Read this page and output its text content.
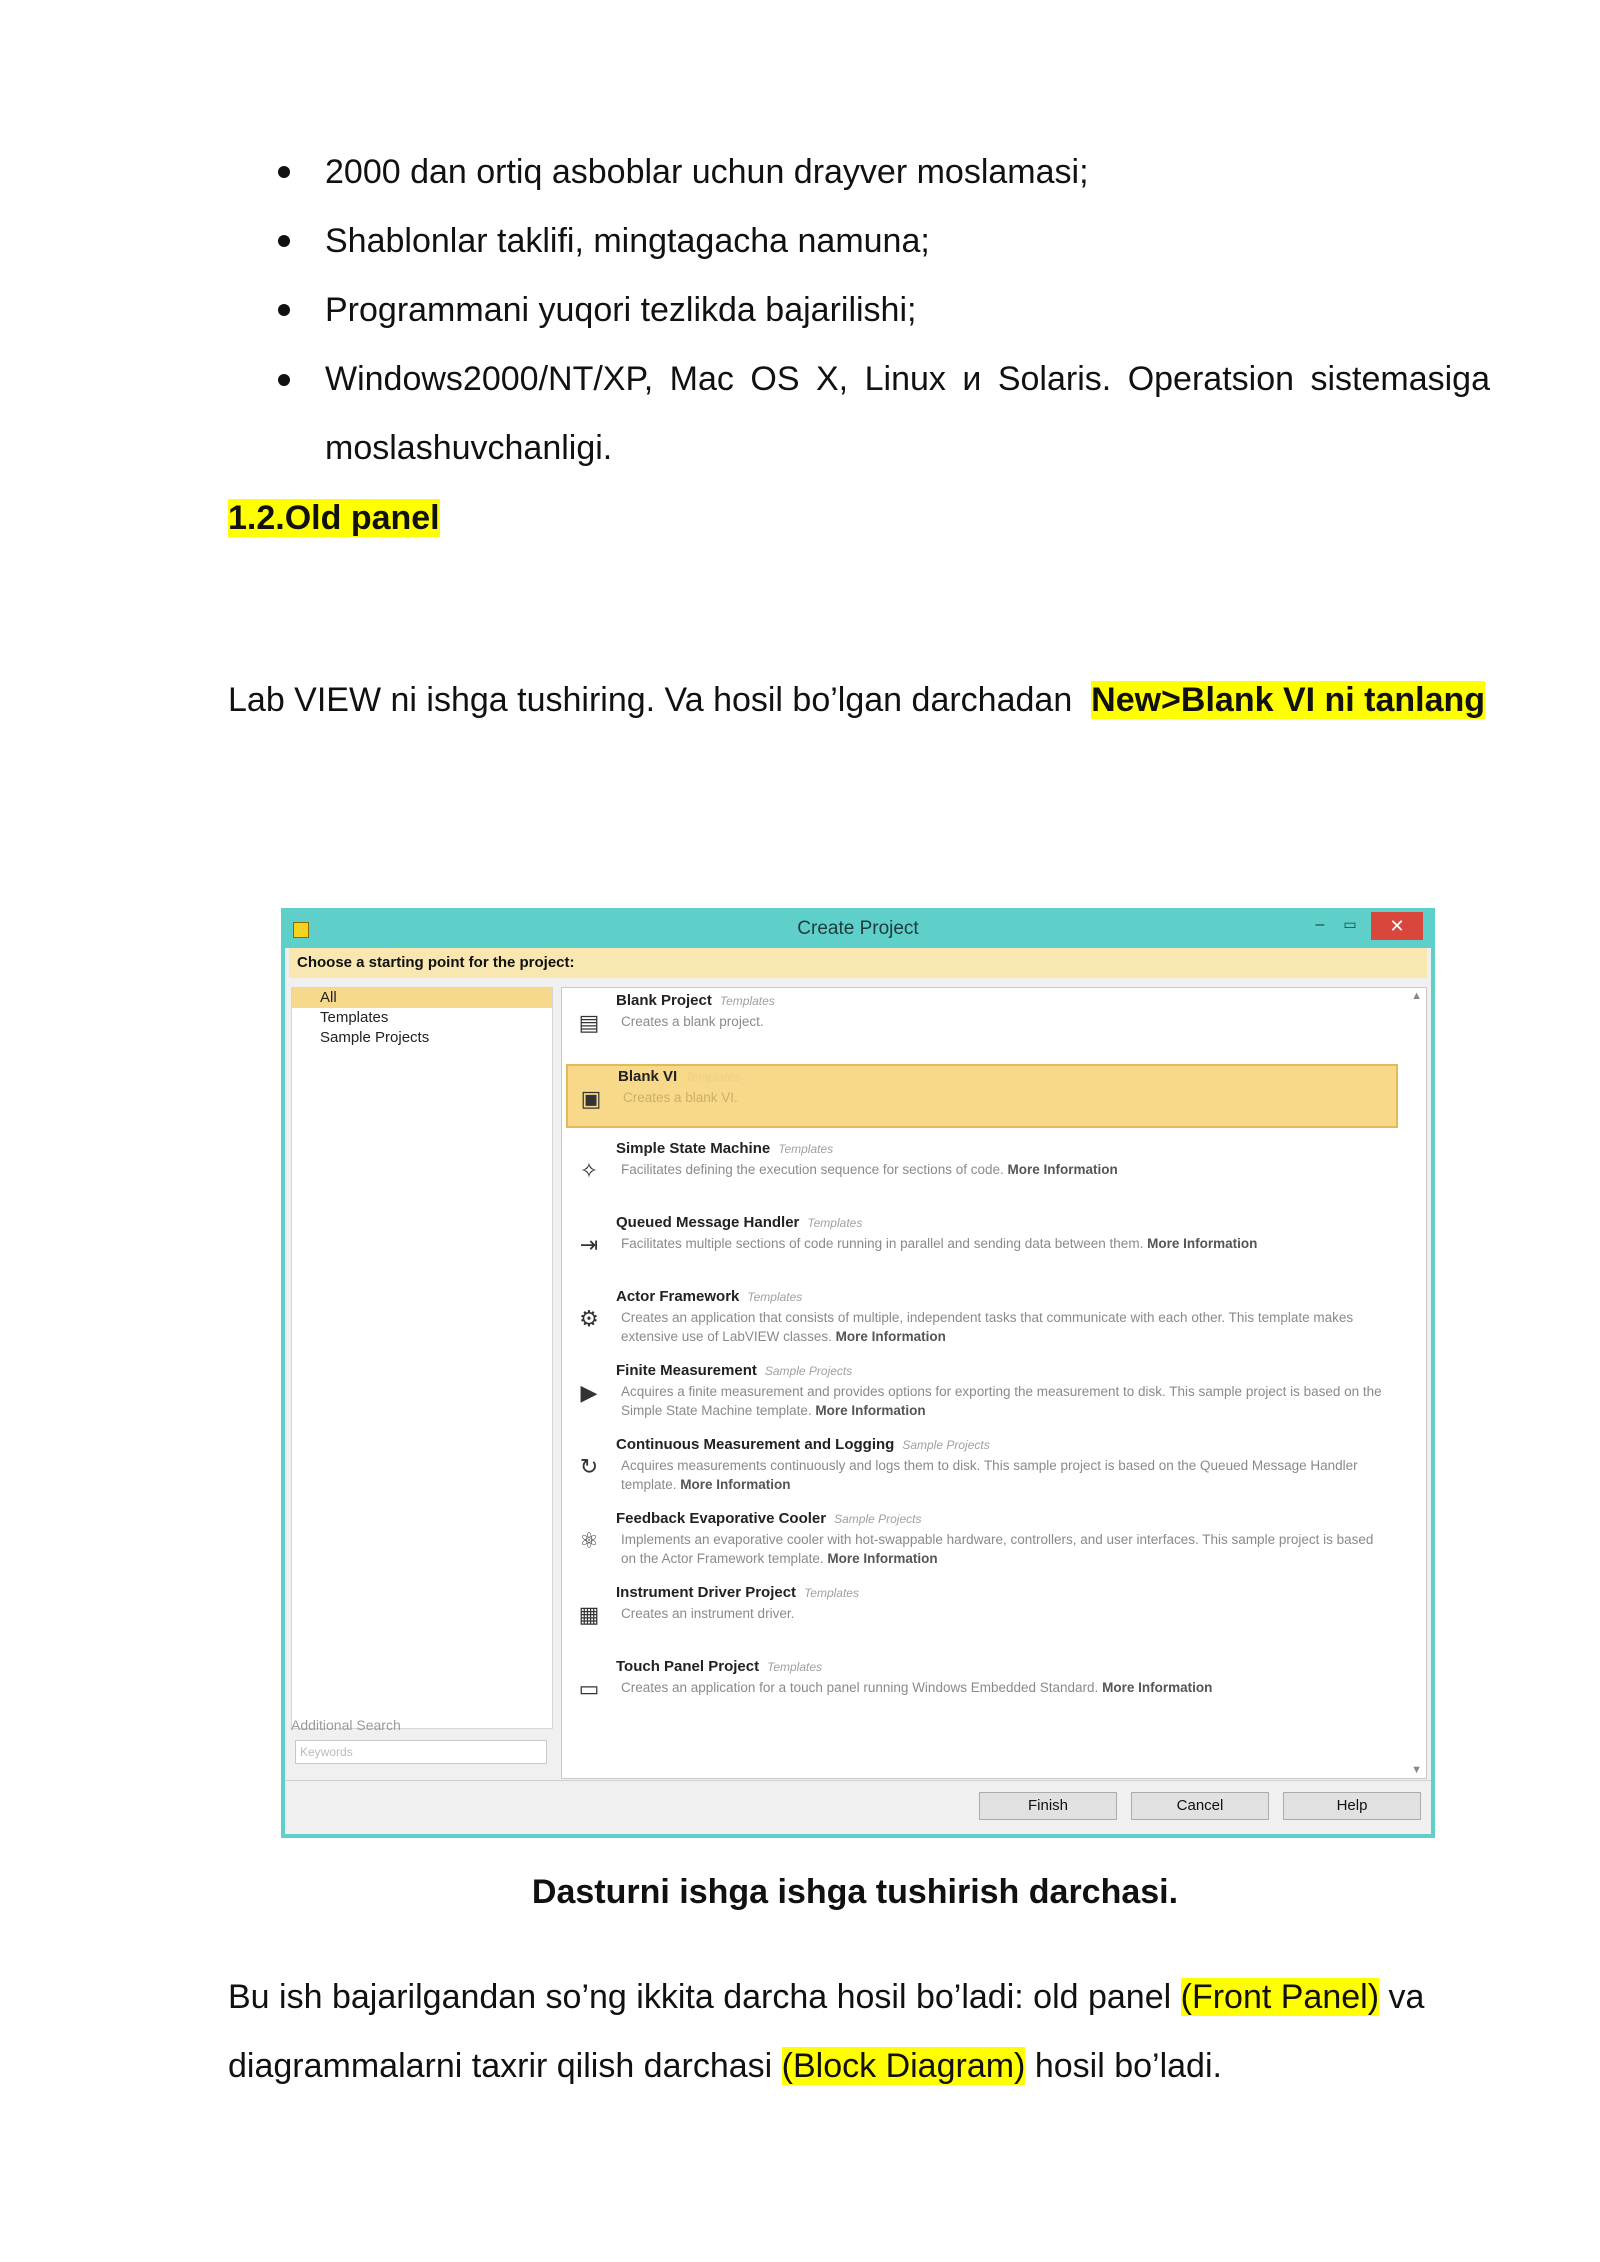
2000 dan ortiq asboblar uchun drayver moslamasi;
Shablonlar taklifi, mingtagacha namuna;
Programmani yuqori tezlikda bajarilishi;
Windows2000/NT/XP, Mac OS X, Linux и Solaris. Operatsion sistemasiga moslashuvchanligi.
1.2.Old panel
Lab VIEW ni ishga tushiring. Va hosil bo’lgan darchadan New>Blank VI ni tanlang
Create Project	–	▭	✕
Choose a starting point for the project:
All
Templates
Sample Projects
Additional Search
Keywords
▲
▼
▤
Blank Project Templates
Creates a blank project.
▣
Blank VI Templates
Creates a blank VI.
✧
Simple State Machine Templates
Facilitates defining the execution sequence for sections of code. More Information
⇥
Queued Message Handler Templates
Facilitates multiple sections of code running in parallel and sending data between them. More Information
⚙
Actor Framework Templates
Creates an application that consists of multiple, independent tasks that communicate with each other. This template makes extensive use of LabVIEW classes. More Information
▶
Finite Measurement Sample Projects
Acquires a finite measurement and provides options for exporting the measurement to disk. This sample project is based on the Simple State Machine template. More Information
↻
Continuous Measurement and Logging Sample Projects
Acquires measurements continuously and logs them to disk. This sample project is based on the Queued Message Handler template. More Information
⚛
Feedback Evaporative Cooler Sample Projects
Implements an evaporative cooler with hot-swappable hardware, controllers, and user interfaces. This sample project is based on the Actor Framework template. More Information
▦
Instrument Driver Project Templates
Creates an instrument driver.
▭
Touch Panel Project Templates
Creates an application for a touch panel running Windows Embedded Standard. More Information
Finish	Cancel	Help
Dasturni ishga ishga tushirish darchasi.
Bu ish bajarilgandan so’ng ikkita darcha hosil bo’ladi: old panel (Front Panel) va diagrammalarni taxrir qilish darchasi (Block Diagram) hosil bo’ladi.
